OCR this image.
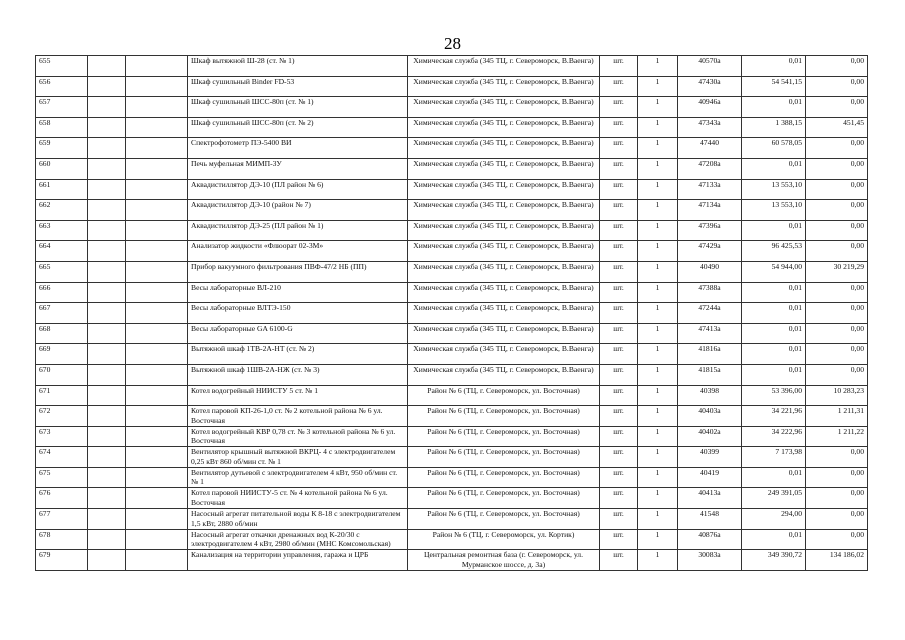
28
655			Шкаф вытяжной Ш-28 (ст. № 1)	Химическая служба (345 ТЦ, г. Североморск, В.Ваенга)	шт.	1	40570а	0,01	0,00
656			Шкаф сушильный Binder FD-53	Химическая служба (345 ТЦ, г. Североморск, В.Ваенга)	шт.	1	47430а	54 541,15	0,00
657			Шкаф сушильный ШСС-80п (ст. № 1)	Химическая служба (345 ТЦ, г. Североморск, В.Ваенга)	шт.	1	40946а	0,01	0,00
658			Шкаф сушильный ШСС-80п (ст. № 2)	Химическая служба (345 ТЦ, г. Североморск, В.Ваенга)	шт.	1	47343а	1 388,15	451,45
659			Спектрофотометр ПЭ-5400 ВИ	Химическая служба (345 ТЦ, г. Североморск, В.Ваенга)	шт.	1	47440	60 578,05	0,00
660			Печь муфельная МИМП-3У	Химическая служба (345 ТЦ, г. Североморск, В.Ваенга)	шт.	1	47208а	0,01	0,00
661			Аквадистиллятор ДЭ-10 (ПЛ район № 6)	Химическая служба (345 ТЦ, г. Североморск, В.Ваенга)	шт.	1	47133а	13 553,10	0,00
662			Аквадистиллятор ДЭ-10 (район № 7)	Химическая служба (345 ТЦ, г. Североморск, В.Ваенга)	шт.	1	47134а	13 553,10	0,00
663			Аквадистиллятор ДЭ-25 (ПЛ район № 1)	Химическая служба (345 ТЦ, г. Североморск, В.Ваенга)	шт.	1	47396а	0,01	0,00
664			Анализатор жидкости «Флюорат 02-3М»	Химическая служба (345 ТЦ, г. Североморск, В.Ваенга)	шт.	1	47429а	96 425,53	0,00
665			Прибор вакуумного фильтрования ПВФ-47/2 НБ (ПП)	Химическая служба (345 ТЦ, г. Североморск, В.Ваенга)	шт.	1	40490	54 944,00	30 219,29
666			Весы лабораторные ВЛ-210	Химическая служба (345 ТЦ, г. Североморск, В.Ваенга)	шт.	1	47388а	0,01	0,00
667			Весы лабораторные ВЛТЭ-150	Химическая служба (345 ТЦ, г. Североморск, В.Ваенга)	шт.	1	47244а	0,01	0,00
668			Весы лабораторные GA 6100-G	Химическая служба (345 ТЦ, г. Североморск, В.Ваенга)	шт.	1	47413а	0,01	0,00
669			Вытяжной шкаф 1ТВ-2А-НТ (ст. № 2)	Химическая служба (345 ТЦ, г. Североморск, В.Ваенга)	шт.	1	41816а	0,01	0,00
670			Вытяжной шкаф 1ШВ-2А-НЖ (ст. № 3)	Химическая служба (345 ТЦ, г. Североморск, В.Ваенга)	шт.	1	41815а	0,01	0,00
671			Котел водогрейный НИИСТУ 5 ст. № 1	Район № 6 (ТЦ, г. Североморск, ул. Восточная)	шт.	1	40398	53 396,00	10 283,23
672			Котел паровой КП-26-1,0 ст. № 2 котельной района № 6 ул. Восточная	Район № 6 (ТЦ, г. Североморск, ул. Восточная)	шт.	1	40403а	34 221,96	1 211,31
673			Котел водогрейный КВР 0,78 ст. № 3 котельной района № 6 ул. Восточная	Район № 6 (ТЦ, г. Североморск, ул. Восточная)	шт.	1	40402а	34 222,96	1 211,22
674			Вентилятор крышный вытяжной ВКРЦ- 4 с электродвигателем 0,25 кВт 860 об/мин ст. № 1	Район № 6 (ТЦ, г. Североморск, ул. Восточная)	шт.	1	40399	7 173,98	0,00
675			Вентилятор дутьевой с электродвигателем 4 кВт, 950 об/мин ст. № 1	Район № 6 (ТЦ, г. Североморск, ул. Восточная)	шт.	1	40419	0,01	0,00
676			Котел паровой НИИСТУ-5 ст. № 4 котельной района № 6 ул. Восточная	Район № 6 (ТЦ, г. Североморск, ул. Восточная)	шт.	1	40413а	249 391,05	0,00
677			Насосный агрегат питательной воды К 8-18 с электродвигателем 1,5 кВт, 2880 об/мин	Район № 6 (ТЦ, г. Североморск, ул. Восточная)	шт.	1	41548	294,00	0,00
678			Насосный агрегат откачки дренажных вод К-20/30 с электродвигателем 4 кВт, 2980 об/мин (МНС Комсомольская)	Район № 6 (ТЦ, г. Североморск, ул. Кортик)	шт.	1	40876а	0,01	0,00
679			Канализация на территории управления, гаража и ЦРБ	Центральная ремонтная база (г. Североморск, ул. Мурманское шоссе, д. 3а)	шт.	1	30083а	349 390,72	134 186,02
